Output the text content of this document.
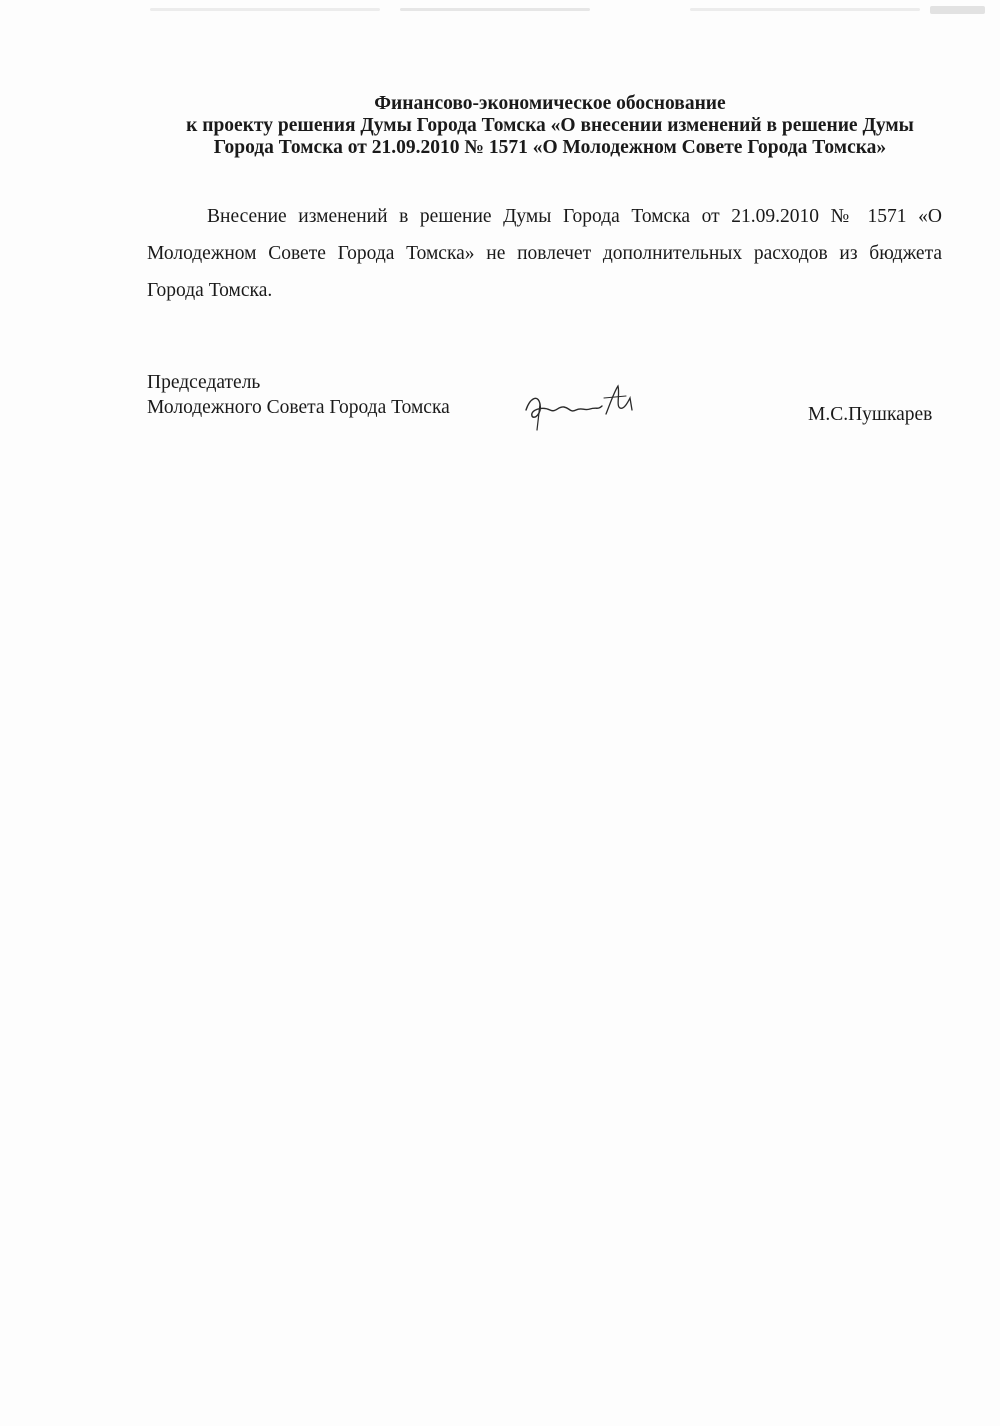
Финансово-экономическое обоснование
к проекту решения Думы Города Томска «О внесении изменений в решение Думы
Города Томска от 21.09.2010 № 1571 «О Молодежном Совете Города Томска»

Внесение изменений в решение Думы Города Томска от 21.09.2010 № 1571 «О Молодежном Совете Города Томска» не повлечет дополнительных расходов из бюджета Города Томска.

Председатель
Молодежного Совета Города Томска	М.С.Пушкарев
